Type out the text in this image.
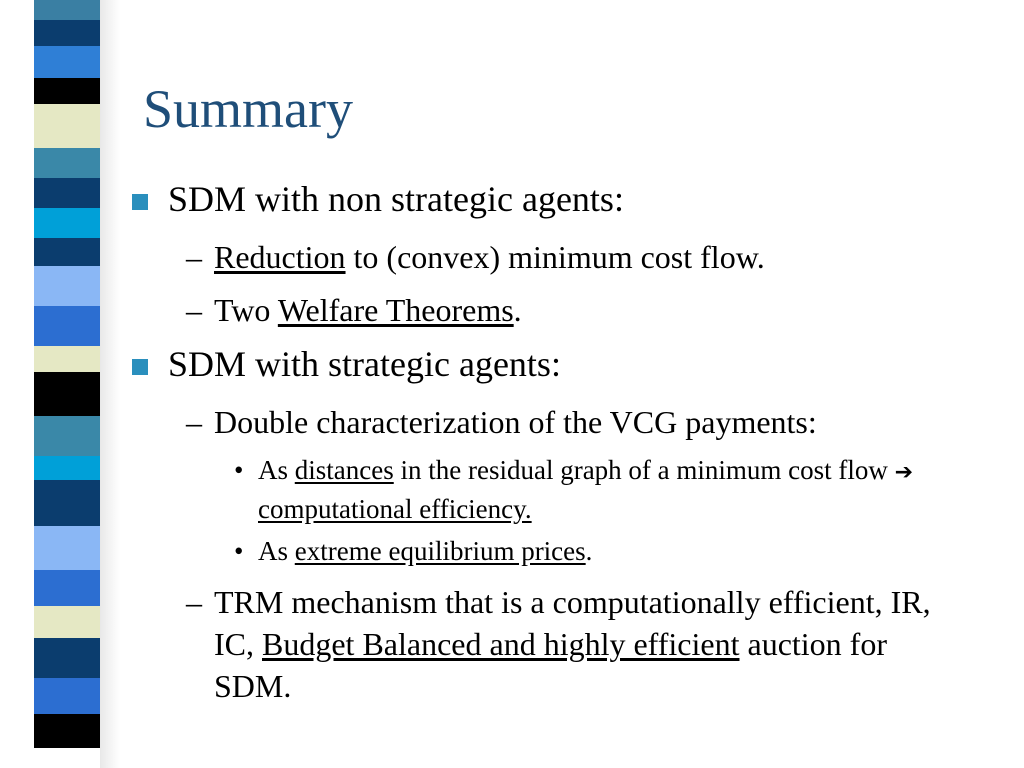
Summary
SDM with non strategic agents:
– Reduction to (convex) minimum cost flow.
– Two Welfare Theorems.
SDM with strategic agents:
– Double characterization of the VCG payments:
• As distances in the residual graph of a minimum cost flow ➔ computational efficiency.
• As extreme equilibrium prices.
– TRM mechanism that is a computationally efficient, IR, IC, Budget Balanced and highly efficient auction for SDM.
